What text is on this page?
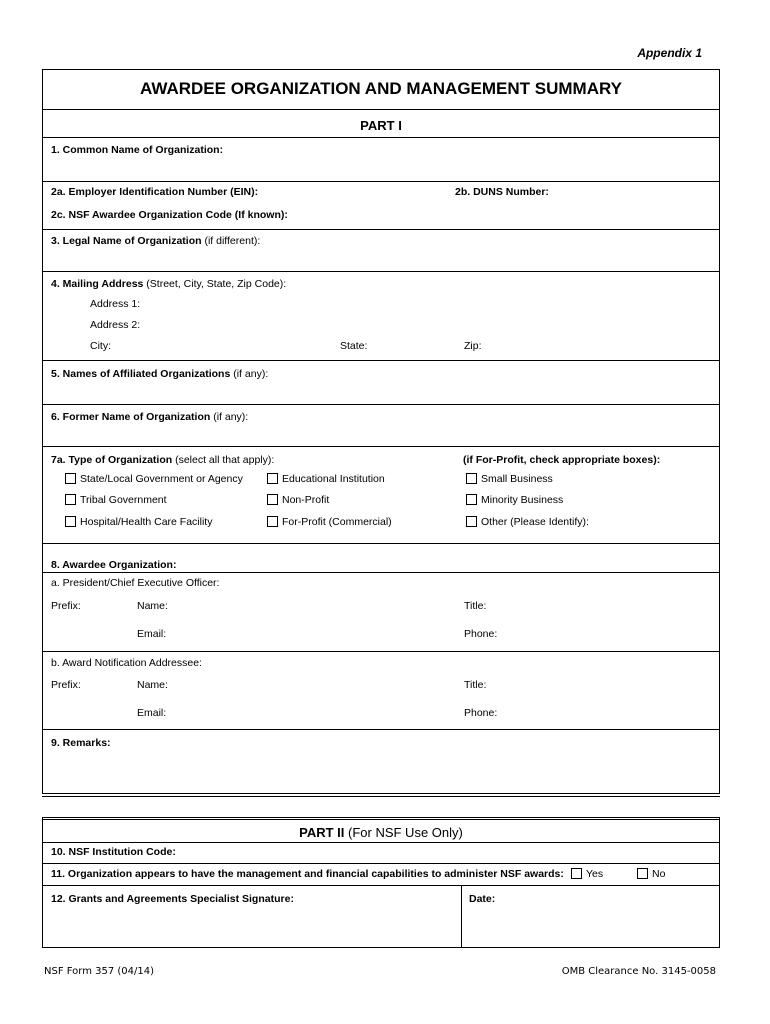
Appendix 1
AWARDEE ORGANIZATION AND MANAGEMENT SUMMARY
PART I
1. Common Name of Organization:
2a. Employer Identification Number (EIN):	2b. DUNS Number:
2c. NSF Awardee Organization Code (If known):
3. Legal Name of Organization (if different):
4. Mailing Address (Street, City, State, Zip Code):
Address 1:
Address 2:
City:	State:	Zip:
5. Names of Affiliated Organizations (if any):
6. Former Name of Organization (if any):
7a. Type of Organization (select all that apply):	(if For-Profit, check appropriate boxes):
State/Local Government or Agency	Educational Institution	Small Business
Tribal Government	Non-Profit	Minority Business
Hospital/Health Care Facility	For-Profit (Commercial)	Other (Please Identify):
8. Awardee Organization:
a. President/Chief Executive Officer:
Prefix:	Name:	Title:
Email:	Phone:
b. Award Notification Addressee:
Prefix:	Name:	Title:
Email:	Phone:
9. Remarks:
PART II (For NSF Use Only)
10. NSF Institution Code:
11. Organization appears to have the management and financial capabilities to administer NSF awards: Yes	No
12. Grants and Agreements Specialist Signature:	Date:
NSF Form 357 (04/14)	OMB Clearance No. 3145-0058
